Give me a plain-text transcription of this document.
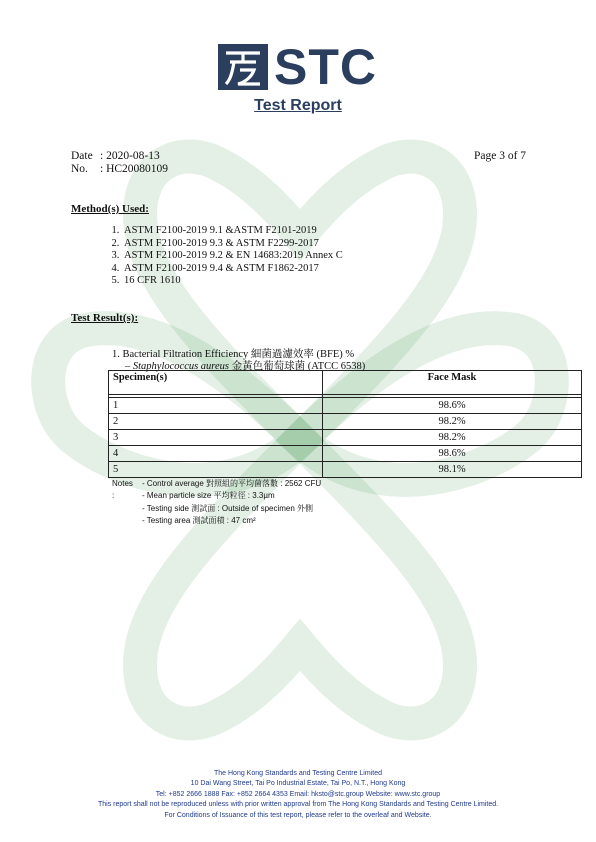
STC
Test Report
Date : 2020-08-13
No. : HC20080109
Page 3 of 7
Method(s) Used:
1. ASTM F2100-2019 9.1 &ASTM F2101-2019
2. ASTM F2100-2019 9.3 & ASTM F2299-2017
3. ASTM F2100-2019 9.2 & EN 14683:2019 Annex C
4. ASTM F2100-2019 9.4 & ASTM F1862-2017
5. 16 CFR 1610
Test Result(s):
1. Bacterial Filtration Efficiency 細菌過濾效率 (BFE) %
– Staphylococcus aureus 金黃色葡萄球菌 (ATCC 6538)
Specimen(s)	Face Mask

1	98.6%
2	98.2%
3	98.2%
4	98.6%
5	98.1%
Notes :
- Control average 對照組的平均菌落數 : 2562 CFU
- Mean particle size 平均粒徑 : 3.3µm
- Testing side 測試面 : Outside of specimen 外側
- Testing area 測試面積 : 47 cm²
The Hong Kong Standards and Testing Centre Limited
10 Dai Wang Street, Tai Po Industrial Estate, Tai Po, N.T., Hong Kong
Tel: +852 2666 1888 Fax: +852 2664 4353 Email: hksto@stc.group Website: www.stc.group
This report shall not be reproduced unless with prior written approval from The Hong Kong Standards and Testing Centre Limited.
For Conditions of Issuance of this test report, please refer to the overleaf and Website.
